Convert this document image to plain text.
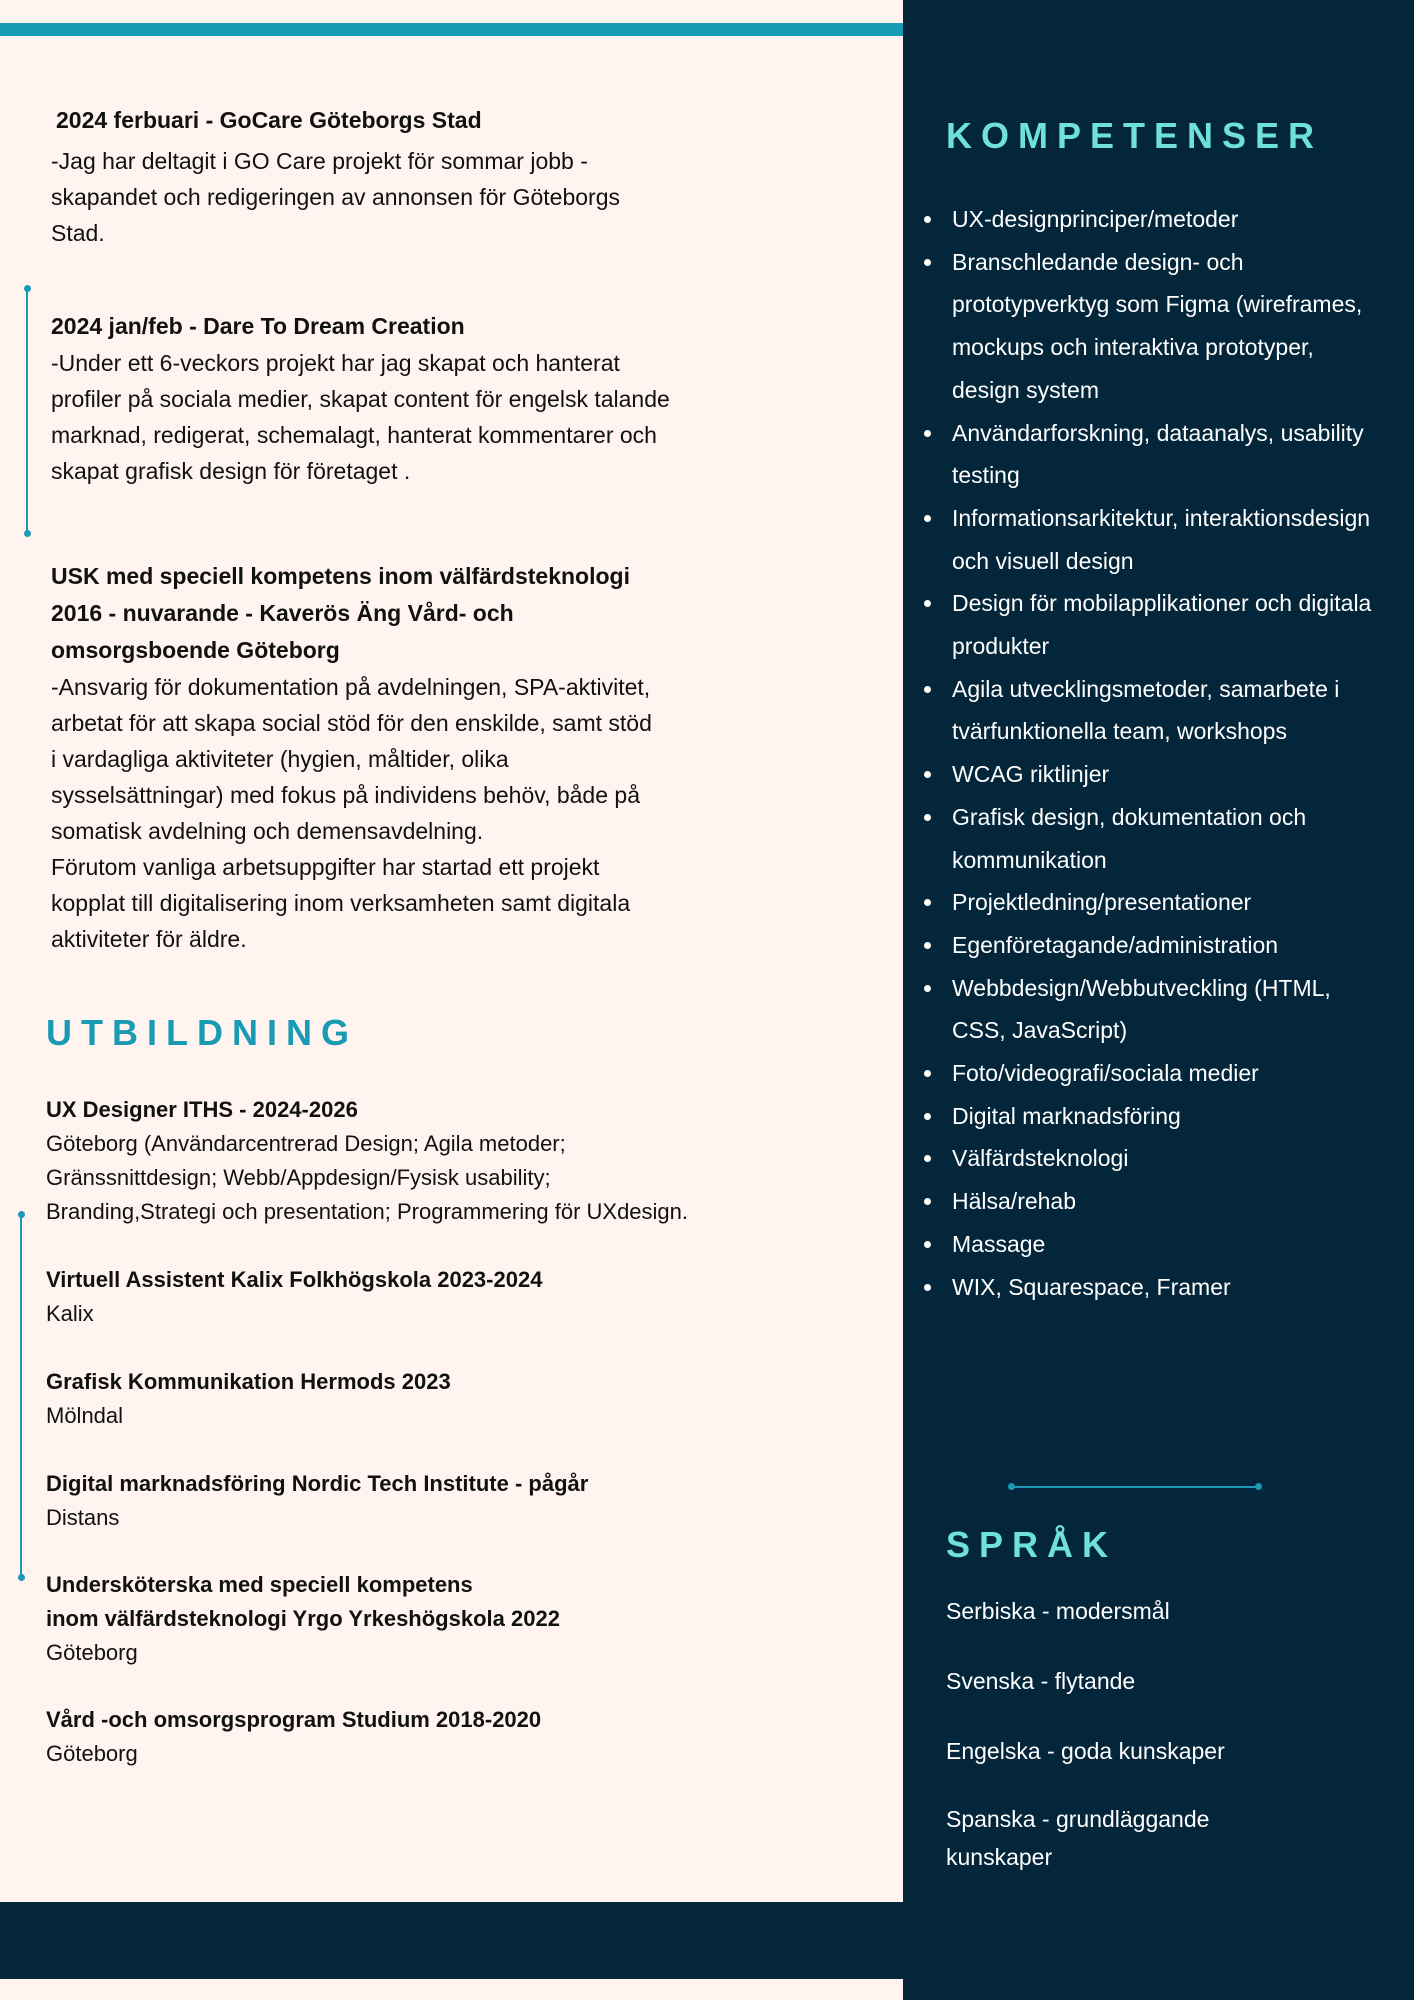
2024 ferbuari - GoCare Göteborgs Stad
-Jag har deltagit i GO Care projekt för sommar jobb -
skapandet och redigeringen av annonsen för Göteborgs
Stad.
2024 jan/feb - Dare To Dream Creation
-Under ett 6-veckors projekt har jag skapat och hanterat
profiler på sociala medier, skapat content för engelsk talande
marknad, redigerat, schemalagt, hanterat kommentarer och
skapat grafisk design för företaget .
USK med speciell kompetens inom välfärdsteknologi
2016 - nuvarande - Kaverös Äng Vård- och
omsorgsboende Göteborg
-Ansvarig för dokumentation på avdelningen, SPA-aktivitet,
arbetat för att skapa social stöd för den enskilde, samt stöd
i vardagliga aktiviteter (hygien, måltider, olika
sysselsättningar) med fokus på individens behöv, både på
somatisk avdelning och demensavdelning.
Förutom vanliga arbetsuppgifter har startad ett projekt
kopplat till digitalisering inom verksamheten samt digitala
aktiviteter för äldre.
UTBILDNING
UX Designer ITHS - 2024-2026
Göteborg (Användarcentrerad Design; Agila metoder;
Gränssnittdesign; Webb/Appdesign/Fysisk usability;
Branding,Strategi och presentation; Programmering för UXdesign.
Virtuell Assistent Kalix Folkhögskola 2023-2024
Kalix
Grafisk Kommunikation Hermods 2023
Mölndal
Digital marknadsföring Nordic Tech Institute - pågår
Distans
Undersköterska med speciell kompetens
inom välfärdsteknologi Yrgo Yrkeshögskola 2022
Göteborg
Vård -och omsorgsprogram Studium 2018-2020
Göteborg
KOMPETENSER
UX-designprinciper/metoder
Branschledande design- och prototypverktyg som Figma (wireframes, mockups och interaktiva prototyper, design system
Användarforskning, dataanalys, usability testing
Informationsarkitektur, interaktionsdesign och visuell design
Design för mobilapplikationer och digitala produkter
Agila utvecklingsmetoder, samarbete i tvärfunktionella team, workshops
WCAG riktlinjer
Grafisk design, dokumentation och kommunikation
Projektledning/presentationer
Egenföretagande/administration
Webbdesign/Webbutveckling (HTML, CSS, JavaScript)
Foto/videografi/sociala medier
Digital marknadsföring
Välfärdsteknologi
Hälsa/rehab
Massage
WIX, Squarespace, Framer
SPRÅK
Serbiska - modersmål
Svenska - flytande
Engelska - goda kunskaper
Spanska - grundläggande kunskaper
